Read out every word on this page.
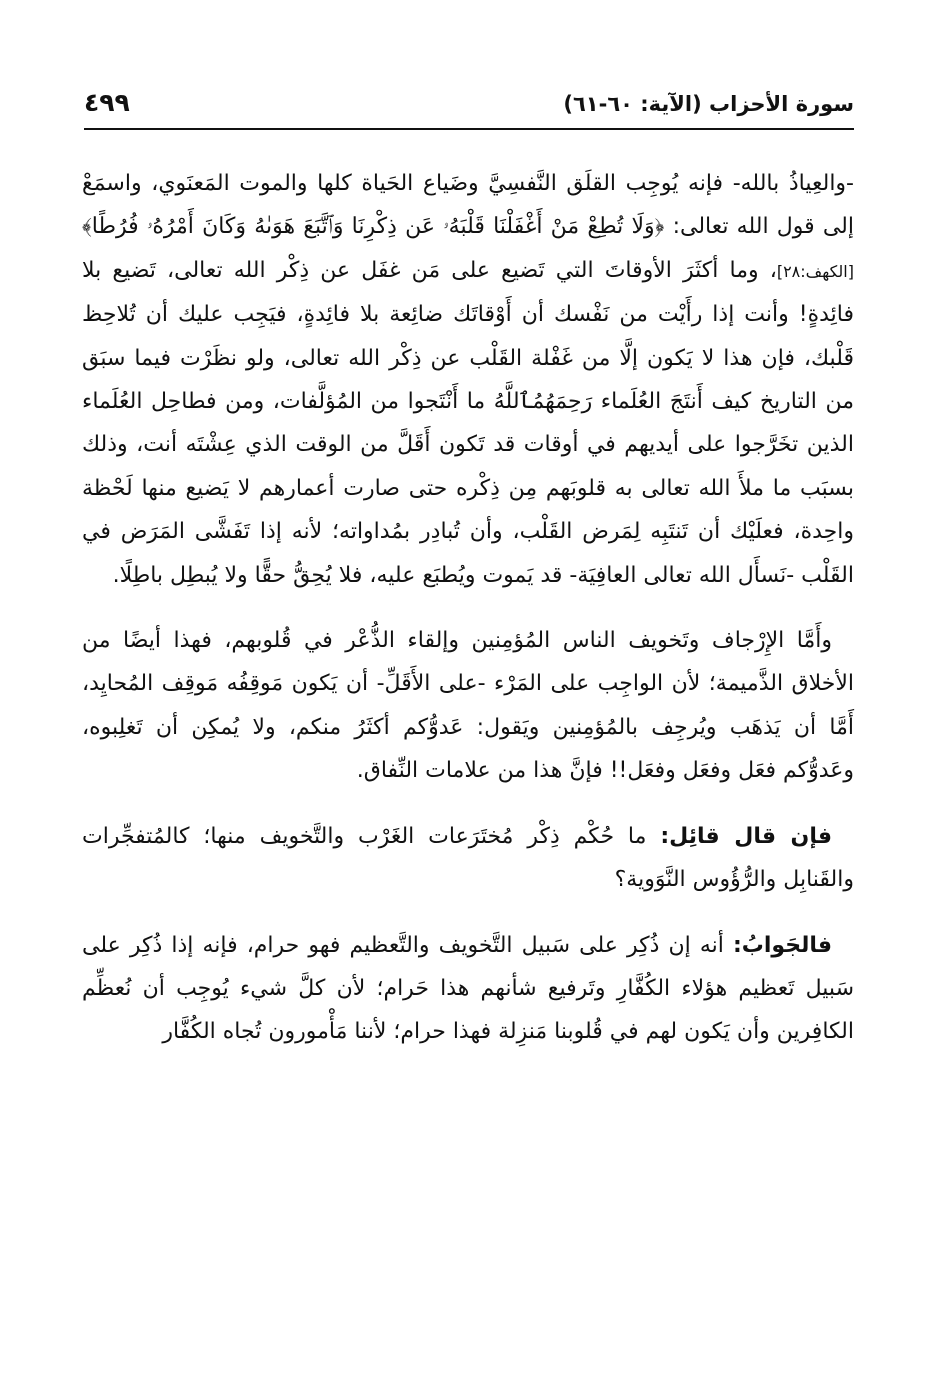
سورة الأحزاب (الآية: ٦٠-٦١)
٤٩٩

-والعِياذُ بالله- فإنه يُوجِب القلَق النَّفسِيَّ وضَياع الحَياة كلها والموت المَعنَوي، واسمَعْ إلى قول الله تعالى: ﴿وَلَا تُطِعْ مَنْ أَغْفَلْنَا قَلْبَهُۥ عَن ذِكْرِنَا وَٱتَّبَعَ هَوَىٰهُ وَكَانَ أَمْرُهُۥ فُرُطًا﴾ [الكهف:٢٨]، وما أكثَرَ الأوقاتَ التي تَضيع على مَن غفَل عن ذِكْر الله تعالى، تَضيع بلا فائِدةٍ! وأنت إذا رأَيْت من نَفْسك أن أَوْقاتَك ضائِعة بلا فائِدةٍ، فيَجِب عليك أن تُلاحِظ قَلْبك، فإن هذا لا يَكون إلَّا من غَفْلة القَلْب عن ذِكْر الله تعالى، ولو نظَرْت فيما سبَق من التاريخ كيف أَنتَجَ العُلَماء رَحِمَهُمُٱللَّهُ ما أَنْتَجوا من المُؤلَّفات، ومن فطاحِل العُلَماء الذين تخَرَّجوا على أيديهم في أوقات قد تَكون أَقَلَّ من الوقت الذي عِشْتَه أنت، وذلك بسبَب ما ملأَ الله تعالى به قلوبَهم مِن ذِكْره حتى صارت أعمارهم لا يَضيع منها لَحْظة واحِدة، فعلَيْك أن تَنتَبِه لِمَرض القَلْب، وأن تُبادِر بمُداواته؛ لأنه إذا تَفَشَّى المَرَض في القَلْب -نَسأَل الله تعالى العافِيَة- قد يَموت ويُطبَع عليه، فلا يُحِقُّ حقًّا ولا يُبطِل باطِلًا.

وأَمَّا الإِرْجاف وتَخويف الناس المُؤمِنين وإلقاء الذُّعْر في قُلوبهم، فهذا أيضًا من الأخلاق الذَّميمة؛ لأن الواجِب على المَرْء -على الأَقَلِّ- أن يَكون مَوقِفُه مَوقِف المُحايِد، أَمَّا أن يَذهَب ويُرجِف بالمُؤمِنين ويَقول: عَدوُّكم أكثَرُ منكم، ولا يُمكِن أن تَغلِبوه، وعَدوُّكم فعَل وفعَل وفعَل!! فإنَّ هذا من علامات النِّفاق.

فإن قال قائِل: ما حُكْم ذِكْر مُختَرَعات الغَرْب والتَّخويف منها؛ كالمُتفجِّرات والقَنابِل والرُّؤُوس النَّوَوية؟

فالجَوابُ: أنه إن ذُكِر على سَبيل التَّخويف والتَّعظيم فهو حرام، فإنه إذا ذُكِر على سَبيل تَعظيم هؤلاء الكُفَّارِ وتَرفيع شأنهم هذا حَرام؛ لأن كلَّ شيء يُوجِب أن نُعظِّم الكافِرين وأن يَكون لهم في قُلوبنا مَنزِلة فهذا حرام؛ لأننا مَأْمورون تُجاه الكُفَّار
